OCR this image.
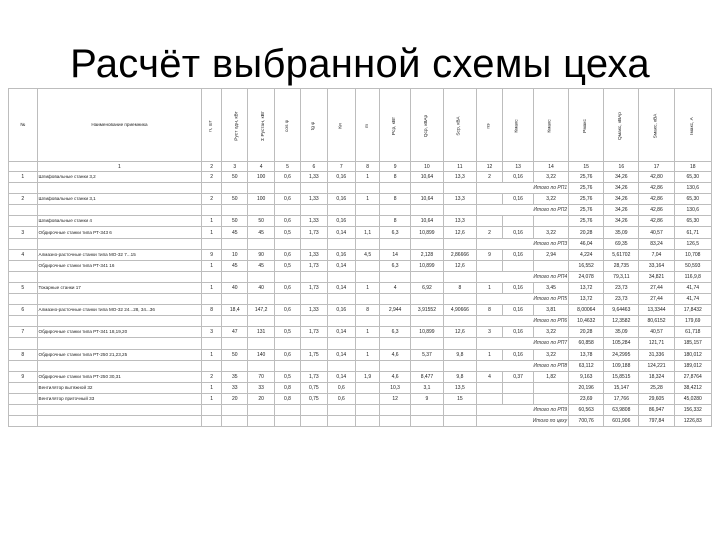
Расчёт выбранной схемы цеха
№	Наименование приемника	n, шт	Руст одн, кВт	Σ Рустан, кВт	cos φ	tg φ	Ки	m	Рср, кВт	Qср, кВАр	Scp, кВА	nэ	Кмакс	Кмакс	Рмакс	Qмакс, кВАр	Sмакс, кВА	Iмакс, А
	1	2	3	4	5	6	7	8	9	10	11	12	13	14	15	16	17	18
1	Шлифовальные станки 3,2	2	50	100	0,6	1,33	0,16	1	8	10,64	13,3	2	0,16	3,22	25,76	34,26	42,80	65,30
												Итого по РП1			25,76	34,26	42,86	130,6
2	Шлифовальные станки 3,1	2	50	100	0,6	1,33	0,16	1	8	10,64	13,3		0,16	3,22	25,76	34,26	42,86	65,30
												Итого по РП2			25,76	34,26	42,86	130,6
	Шлифовальные станки 4	1	50	50	0,6	1,33	0,16		8	10,64	13,3				25,76	34,26	42,86	65,30
3	Обдирочные станки типа РТ-343 6	1	45	45	0,5	1,73	0,14	1,1	6,3	10,899	12,6	2	0,16	3,22	20,28	35,09	40,57	61,71
												Итого по РП3			46,04	69,35	83,24	126,5
4	Алмазно-расточные станки типа МО-32 7...15	9	10	90	0,6	1,33	0,16	4,5	14	2,128	2,86666	9	0,16	2,94	4,224	5,61702	7,04	10,708
	Обдирочные станки типа РТ-341 16	1	45	45	0,5	1,73	0,14		6,3	10,899	12,6				16,552	28,735	33,164	50,593
												Итого по РП4			24,078	79,3,11	34,821	116,9,8
5	Токарные станки 17	1	40	40	0,6	1,73	0,14	1	4	6,92	8	1	0,16	3,45	13,72	23,73	27,44	41,74
												Итого по РП5			13,72	23,73	27,44	41,74
6	Алмазно-расточные станки типа МО-32 24...28, 34...36	8	18,4	147,2	0,6	1,33	0,16	8	2,944	3,91552	4,90666	8	0,16	3,81	8,00064	9,64463	13,3344	17,8432
												Итого по РП6			10,4632	12,3582	80,6152	179,69
7	Обдирочные станки типа РТ-341 18,19,20	3	47	131	0,5	1,73	0,14	1	6,3	10,899	12,6	3	0,16	3,22	20,28	35,09	40,57	61,718
												Итого по РП7			60,858	105,284	121,71	185,157
8	Обдирочные станки типа РТ-250 21,23,25	1	50	140	0,6	1,75	0,14	1	4,6	5,37	9,8	1	0,16	3,22	13,78	24,2995	31,336	180,012
												Итого по РП8			63,112	109,188	124,221	189,012
9	Обдирочные станки типа РТ-250 30,31	2	35	70	0,5	1,73	0,14	1,9	4,6	8,477	9,8	4	0,37	1,82	9,163	15,8515	18,324	27,8764
	Вентилятор вытяжной 32	1	33	33	0,8	0,75	0,6		10,3	3,1	13,5				20,196	15,147	25,28	38,4212
	Вентилятор приточный 33	1	20	20	0,8	0,75	0,6		12	9	15				23,69	17,766	29,605	45,0280
												Итого по РП9			60,563	63,9808	86,947	156,332
												Итого по цеху			700,76	601,906	797,84	1226,83
